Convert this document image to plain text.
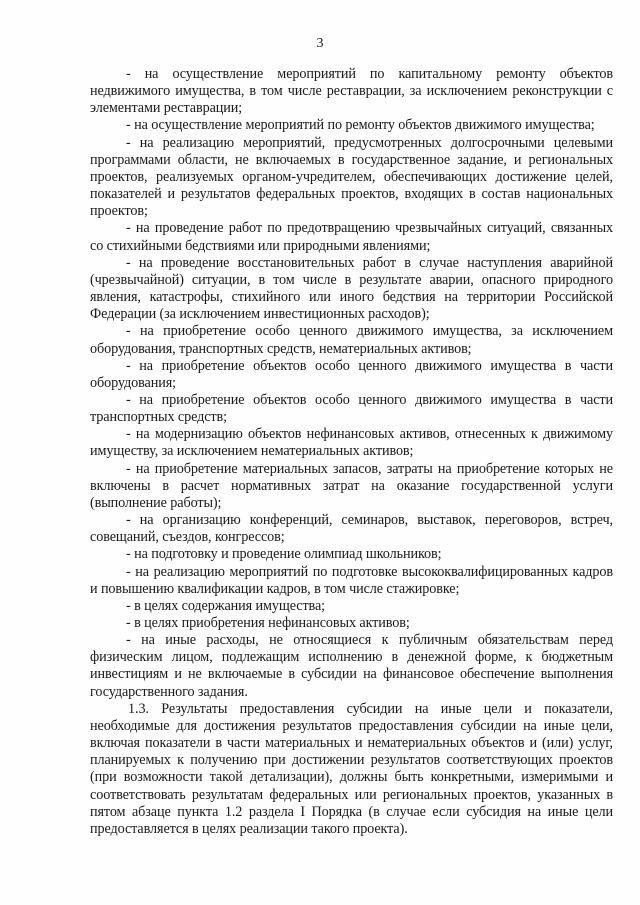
3

- на осуществление мероприятий по капитальному ремонту объектов недвижимого имущества, в том числе реставрации, за исключением реконструкции с элементами реставрации;

- на осуществление мероприятий по ремонту объектов движимого имущества;

- на реализацию мероприятий, предусмотренных долгосрочными целевыми программами области, не включаемых в государственное задание, и региональных проектов, реализуемых органом-учредителем, обеспечивающих достижение целей, показателей и результатов федеральных проектов, входящих в состав национальных проектов;

- на проведение работ по предотвращению чрезвычайных ситуаций, связанных со стихийными бедствиями или природными явлениями;

- на проведение восстановительных работ в случае наступления аварийной (чрезвычайной) ситуации, в том числе в результате аварии, опасного природного явления, катастрофы, стихийного или иного бедствия на территории Российской Федерации (за исключением инвестиционных расходов);

- на приобретение особо ценного движимого имущества, за исключением оборудования, транспортных средств, нематериальных активов;

- на приобретение объектов особо ценного движимого имущества в части оборудования;

- на приобретение объектов особо ценного движимого имущества в части транспортных средств;

- на модернизацию объектов нефинансовых активов, отнесенных к движимому имуществу, за исключением нематериальных активов;

- на приобретение материальных запасов, затраты на приобретение которых не включены в расчет нормативных затрат на оказание государственной услуги (выполнение работы);

- на организацию конференций, семинаров, выставок, переговоров, встреч, совещаний, съездов, конгрессов;

- на подготовку и проведение олимпиад школьников;

- на реализацию мероприятий по подготовке высококвалифицированных кадров и повышению квалификации кадров, в том числе стажировке;

- в целях содержания имущества;

- в целях приобретения нефинансовых активов;

- на иные расходы, не относящиеся к публичным обязательствам перед физическим лицом, подлежащим исполнению в денежной форме, к бюджетным инвестициям и не включаемые в субсидии на финансовое обеспечение выполнения государственного задания.

1.3. Результаты предоставления субсидии на иные цели и показатели, необходимые для достижения результатов предоставления субсидии на иные цели, включая показатели в части материальных и нематериальных объектов и (или) услуг, планируемых к получению при достижении результатов соответствующих проектов (при возможности такой детализации), должны быть конкретными, измеримыми и соответствовать результатам федеральных или региональных проектов, указанных в пятом абзаце пункта 1.2 раздела I Порядка (в случае если субсидия на иные цели предоставляется в целях реализации такого проекта).
